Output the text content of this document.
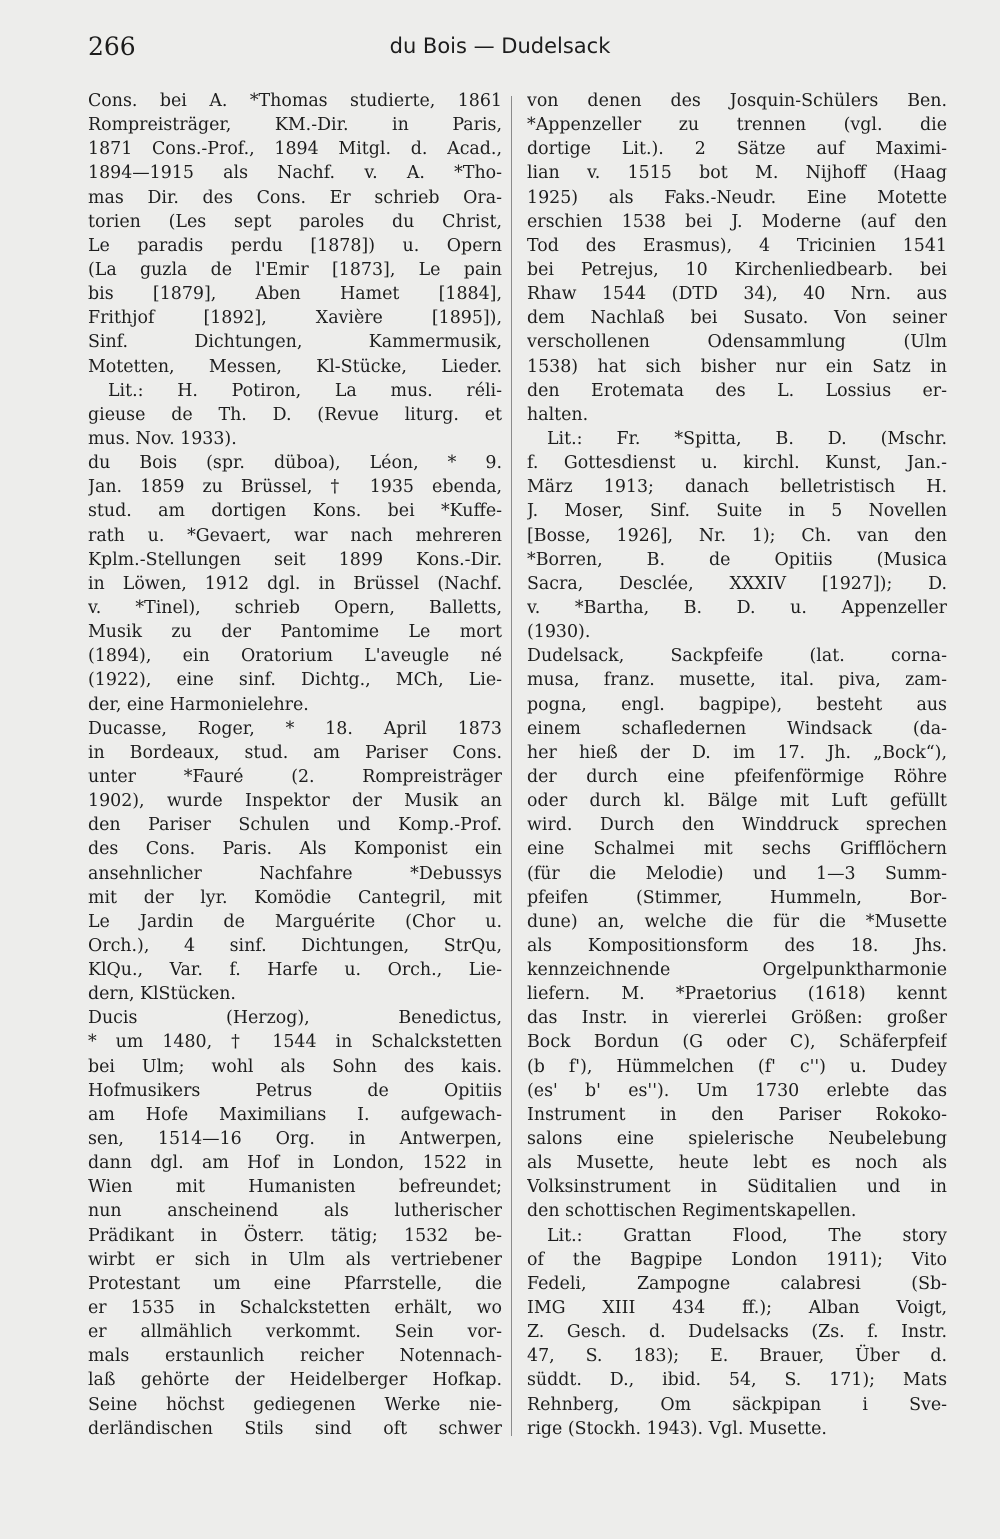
266	du Bois — Dudelsack
Cons. bei A. *Thomas studierte, 1861
Rompreisträger, KM.-Dir. in Paris,
1871 Cons.-Prof., 1894 Mitgl. d. Acad.,
1894—1915 als Nachf. v. A. *Tho-
mas Dir. des Cons. Er schrieb Ora-
torien (Les sept paroles du Christ,
Le paradis perdu [1878]) u. Opern
(La guzla de l'Emir [1873], Le pain
bis [1879], Aben Hamet [1884],
Frithjof [1892], Xavière [1895]),
Sinf. Dichtungen, Kammermusik,
Motetten, Messen, Kl-Stücke, Lieder.
Lit.: H. Potiron, La mus. réli-
gieuse de Th. D. (Revue liturg. et
mus. Nov. 1933).
du Bois (spr. düboa), Léon, * 9.
Jan. 1859 zu Brüssel, † 1935 ebenda,
stud. am dortigen Kons. bei *Kuffe-
rath u. *Gevaert, war nach mehreren
Kplm.-Stellungen seit 1899 Kons.-Dir.
in Löwen, 1912 dgl. in Brüssel (Nachf.
v. *Tinel), schrieb Opern, Balletts,
Musik zu der Pantomime Le mort
(1894), ein Oratorium L'aveugle né
(1922), eine sinf. Dichtg., MCh, Lie-
der, eine Harmonielehre.
Ducasse, Roger, * 18. April 1873
in Bordeaux, stud. am Pariser Cons.
unter *Fauré (2. Rompreisträger
1902), wurde Inspektor der Musik an
den Pariser Schulen und Komp.-Prof.
des Cons. Paris. Als Komponist ein
ansehnlicher Nachfahre *Debussys
mit der lyr. Komödie Cantegril, mit
Le Jardin de Marguérite (Chor u.
Orch.), 4 sinf. Dichtungen, StrQu,
KlQu., Var. f. Harfe u. Orch., Lie-
dern, KlStücken.
Ducis (Herzog), Benedictus,
* um 1480, † 1544 in Schalckstetten
bei Ulm; wohl als Sohn des kais.
Hofmusikers Petrus de Opitiis
am Hofe Maximilians I. aufgewach-
sen, 1514—16 Org. in Antwerpen,
dann dgl. am Hof in London, 1522 in
Wien mit Humanisten befreundet;
nun anscheinend als lutherischer
Prädikant in Österr. tätig; 1532 be-
wirbt er sich in Ulm als vertriebener
Protestant um eine Pfarrstelle, die
er 1535 in Schalckstetten erhält, wo
er allmählich verkommt. Sein vor-
mals erstaunlich reicher Notennach-
laß gehörte der Heidelberger Hofkap.
Seine höchst gediegenen Werke nie-
derländischen Stils sind oft schwer
von denen des Josquin-Schülers Ben.
*Appenzeller zu trennen (vgl. die
dortige Lit.). 2 Sätze auf Maximi-
lian v. 1515 bot M. Nijhoff (Haag
1925) als Faks.-Neudr. Eine Motette
erschien 1538 bei J. Moderne (auf den
Tod des Erasmus), 4 Tricinien 1541
bei Petrejus, 10 Kirchenliedbearb. bei
Rhaw 1544 (DTD 34), 40 Nrn. aus
dem Nachlaß bei Susato. Von seiner
verschollenen Odensammlung (Ulm
1538) hat sich bisher nur ein Satz in
den Erotemata des L. Lossius er-
halten.
Lit.: Fr. *Spitta, B. D. (Mschr.
f. Gottesdienst u. kirchl. Kunst, Jan.-
März 1913; danach belletristisch H.
J. Moser, Sinf. Suite in 5 Novellen
[Bosse, 1926], Nr. 1); Ch. van den
*Borren, B. de Opitiis (Musica
Sacra, Desclée, XXXIV [1927]); D.
v. *Bartha, B. D. u. Appenzeller
(1930).
Dudelsack, Sackpfeife (lat. corna-
musa, franz. musette, ital. piva, zam-
pogna, engl. bagpipe), besteht aus
einem schafledernen Windsack (da-
her hieß der D. im 17. Jh. „Bock“),
der durch eine pfeifenförmige Röhre
oder durch kl. Bälge mit Luft gefüllt
wird. Durch den Winddruck sprechen
eine Schalmei mit sechs Grifflöchern
(für die Melodie) und 1—3 Summ-
pfeifen (Stimmer, Hummeln, Bor-
dune) an, welche die für die *Musette
als Kompositionsform des 18. Jhs.
kennzeichnende Orgelpunktharmonie
liefern. M. *Praetorius (1618) kennt
das Instr. in viererlei Größen: großer
Bock Bordun (G oder C), Schäferpfeif
(b f'), Hümmelchen (f' c'') u. Dudey
(es' b' es''). Um 1730 erlebte das
Instrument in den Pariser Rokoko-
salons eine spielerische Neubelebung
als Musette, heute lebt es noch als
Volksinstrument in Süditalien und in
den schottischen Regimentskapellen.
Lit.: Grattan Flood, The story
of the Bagpipe London 1911); Vito
Fedeli, Zampogne calabresi (Sb-
IMG XIII 434 ff.); Alban Voigt,
Z. Gesch. d. Dudelsacks (Zs. f. Instr.
47, S. 183); E. Brauer, Über d.
süddt. D., ibid. 54, S. 171); Mats
Rehnberg, Om säckpipan i Sve-
rige (Stockh. 1943). Vgl. Musette.
